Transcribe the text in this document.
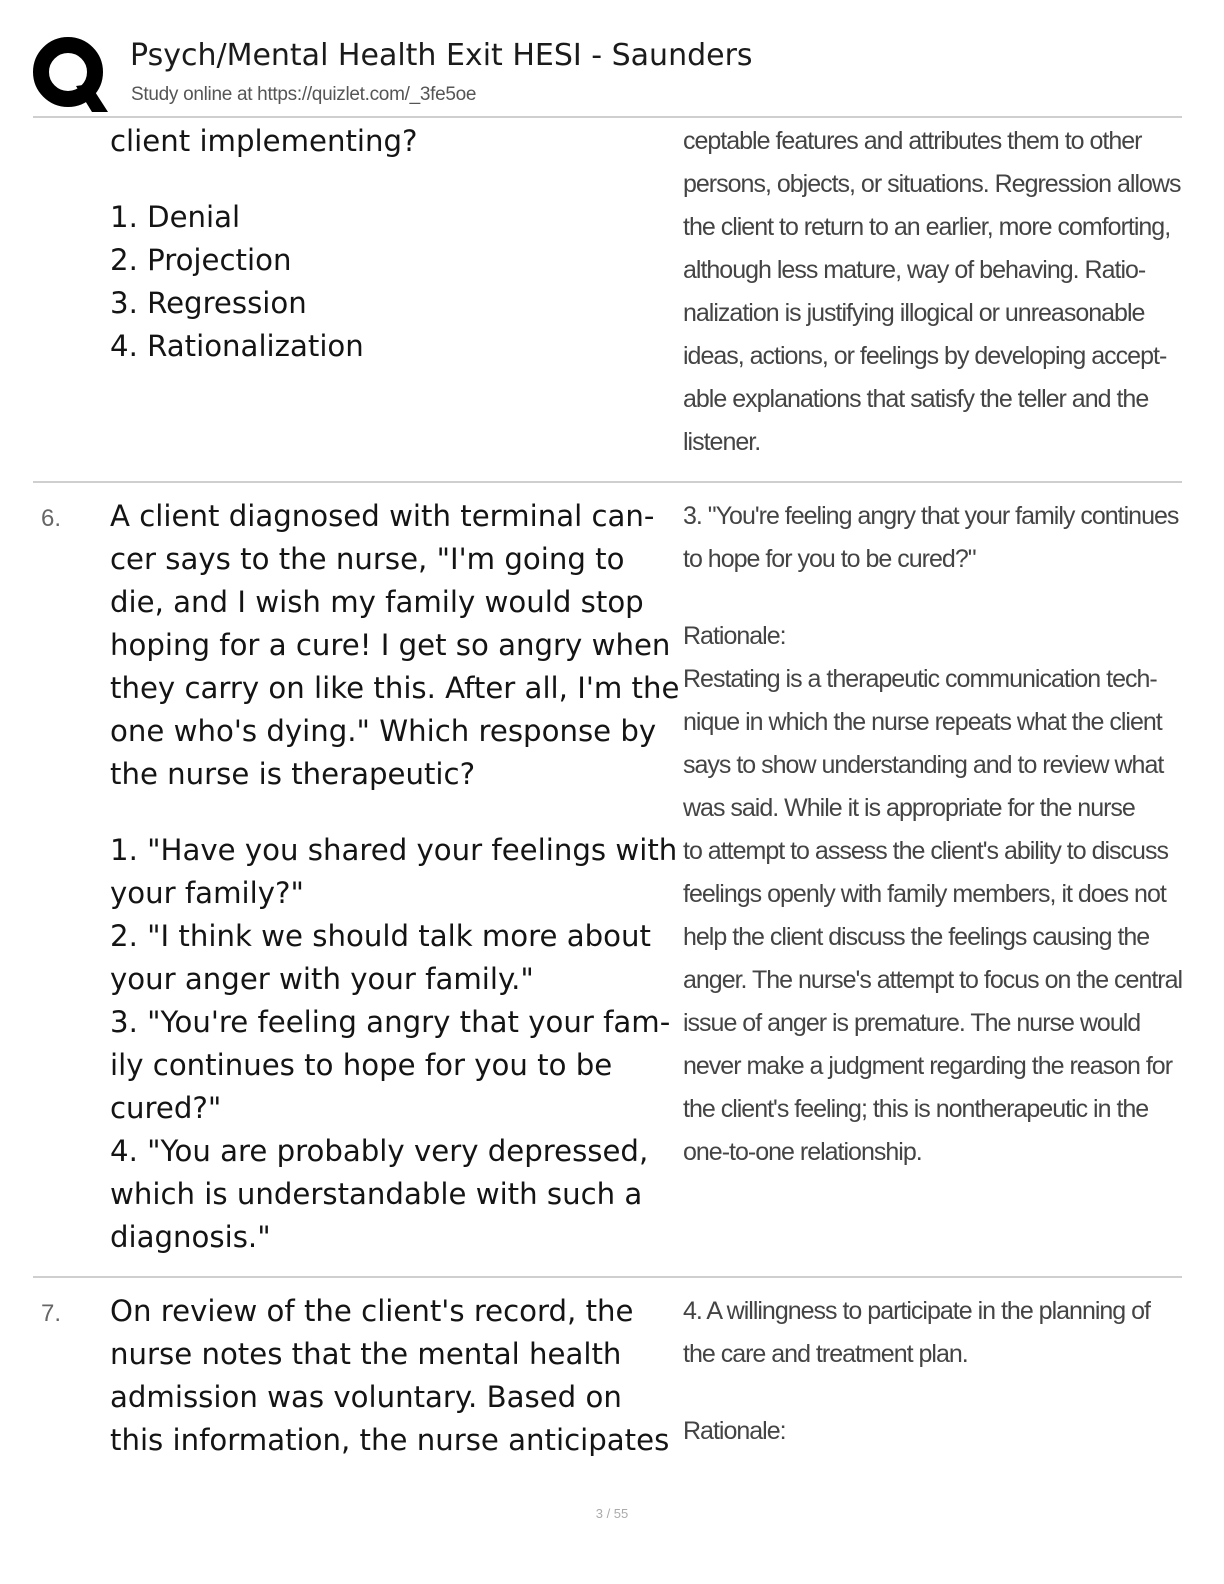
Psych/Mental Health Exit HESI - Saunders
Study online at https://quizlet.com/_3fe5oe
client implementing?
1. Denial
2. Projection
3. Regression
4. Rationalization
ceptable features and attributes them to other
persons, objects, or situations. Regression allows
the client to return to an earlier, more comforting,
although less mature, way of behaving. Ratio-
nalization is justifying illogical or unreasonable
ideas, actions, or feelings by developing accept-
able explanations that satisfy the teller and the
listener.
6. A client diagnosed with terminal can-
cer says to the nurse, "I'm going to
die, and I wish my family would stop
hoping for a cure! I get so angry when
they carry on like this. After all, I'm the
one who's dying." Which response by
the nurse is therapeutic?
1. "Have you shared your feelings with
your family?"
2. "I think we should talk more about
your anger with your family."
3. "You're feeling angry that your fam-
ily continues to hope for you to be
cured?"
4. "You are probably very depressed,
which is understandable with such a
diagnosis."
3. "You're feeling angry that your family continues
to hope for you to be cured?"
Rationale:
Restating is a therapeutic communication tech-
nique in which the nurse repeats what the client
says to show understanding and to review what
was said. While it is appropriate for the nurse
to attempt to assess the client's ability to discuss
feelings openly with family members, it does not
help the client discuss the feelings causing the
anger. The nurse's attempt to focus on the central
issue of anger is premature. The nurse would
never make a judgment regarding the reason for
the client's feeling; this is nontherapeutic in the
one-to-one relationship.
7. On review of the client's record, the
nurse notes that the mental health
admission was voluntary. Based on
this information, the nurse anticipates
4. A willingness to participate in the planning of
the care and treatment plan.
Rationale:
3 / 55
